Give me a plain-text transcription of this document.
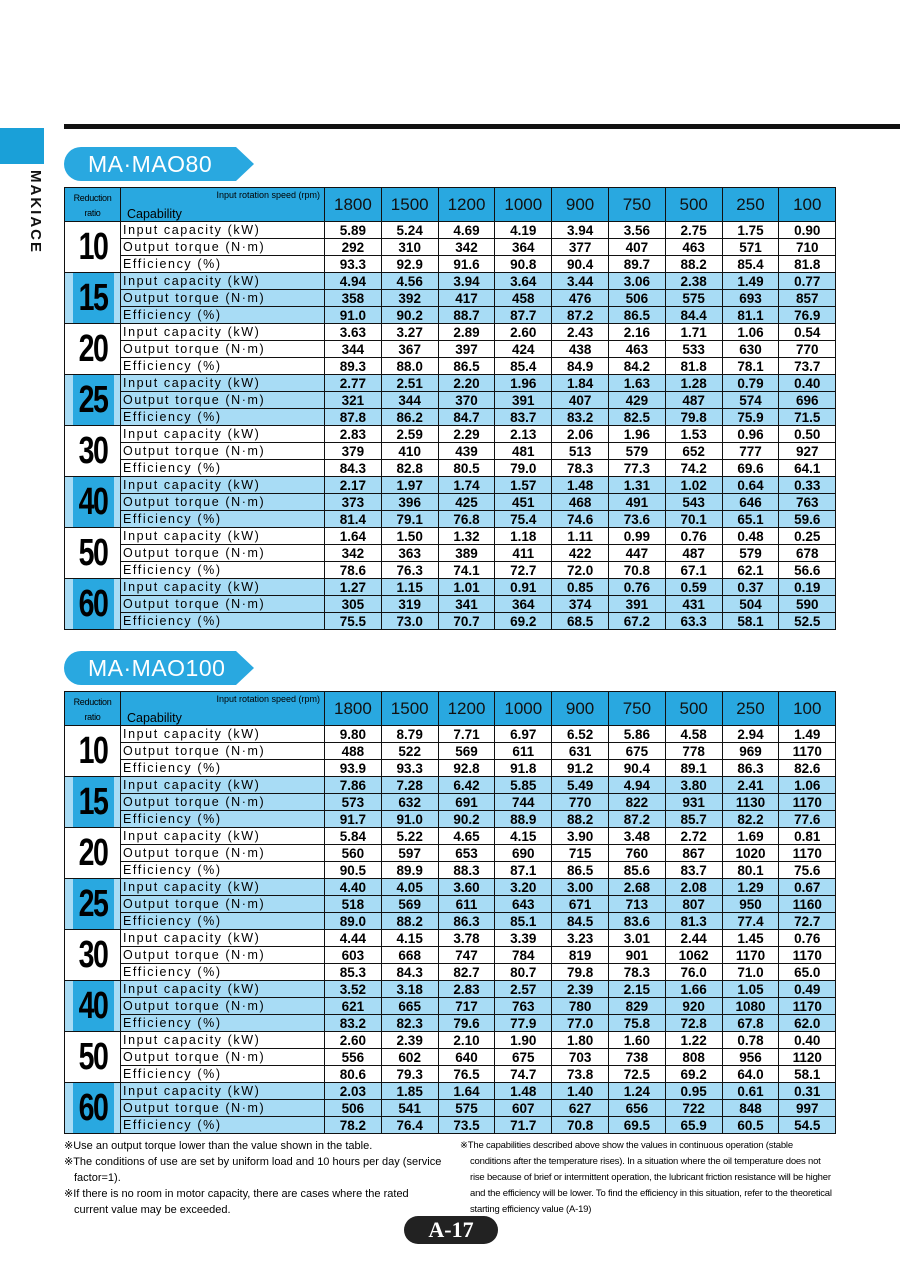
MAKIACE
MA·MAO80
Reduction ratio	Input rotation speed (rpm)
Capability	1800	1500	1200	1000	900	750	500	250	100
10	Input capacity (kW)	5.89	5.24	4.69	4.19	3.94	3.56	2.75	1.75	0.90
	Output torque (N·m)	292	310	342	364	377	407	463	571	710
	Efficiency (%)	93.3	92.9	91.6	90.8	90.4	89.7	88.2	85.4	81.8
15	Input capacity (kW)	4.94	4.56	3.94	3.64	3.44	3.06	2.38	1.49	0.77
	Output torque (N·m)	358	392	417	458	476	506	575	693	857
	Efficiency (%)	91.0	90.2	88.7	87.7	87.2	86.5	84.4	81.1	76.9
20	Input capacity (kW)	3.63	3.27	2.89	2.60	2.43	2.16	1.71	1.06	0.54
	Output torque (N·m)	344	367	397	424	438	463	533	630	770
	Efficiency (%)	89.3	88.0	86.5	85.4	84.9	84.2	81.8	78.1	73.7
25	Input capacity (kW)	2.77	2.51	2.20	1.96	1.84	1.63	1.28	0.79	0.40
	Output torque (N·m)	321	344	370	391	407	429	487	574	696
	Efficiency (%)	87.8	86.2	84.7	83.7	83.2	82.5	79.8	75.9	71.5
30	Input capacity (kW)	2.83	2.59	2.29	2.13	2.06	1.96	1.53	0.96	0.50
	Output torque (N·m)	379	410	439	481	513	579	652	777	927
	Efficiency (%)	84.3	82.8	80.5	79.0	78.3	77.3	74.2	69.6	64.1
40	Input capacity (kW)	2.17	1.97	1.74	1.57	1.48	1.31	1.02	0.64	0.33
	Output torque (N·m)	373	396	425	451	468	491	543	646	763
	Efficiency (%)	81.4	79.1	76.8	75.4	74.6	73.6	70.1	65.1	59.6
50	Input capacity (kW)	1.64	1.50	1.32	1.18	1.11	0.99	0.76	0.48	0.25
	Output torque (N·m)	342	363	389	411	422	447	487	579	678
	Efficiency (%)	78.6	76.3	74.1	72.7	72.0	70.8	67.1	62.1	56.6
60	Input capacity (kW)	1.27	1.15	1.01	0.91	0.85	0.76	0.59	0.37	0.19
	Output torque (N·m)	305	319	341	364	374	391	431	504	590
	Efficiency (%)	75.5	73.0	70.7	69.2	68.5	67.2	63.3	58.1	52.5
MA·MAO100
Reduction ratio	Input rotation speed (rpm)
Capability	1800	1500	1200	1000	900	750	500	250	100
10	Input capacity (kW)	9.80	8.79	7.71	6.97	6.52	5.86	4.58	2.94	1.49
	Output torque (N·m)	488	522	569	611	631	675	778	969	1170
	Efficiency (%)	93.9	93.3	92.8	91.8	91.2	90.4	89.1	86.3	82.6
15	Input capacity (kW)	7.86	7.28	6.42	5.85	5.49	4.94	3.80	2.41	1.06
	Output torque (N·m)	573	632	691	744	770	822	931	1130	1170
	Efficiency (%)	91.7	91.0	90.2	88.9	88.2	87.2	85.7	82.2	77.6
20	Input capacity (kW)	5.84	5.22	4.65	4.15	3.90	3.48	2.72	1.69	0.81
	Output torque (N·m)	560	597	653	690	715	760	867	1020	1170
	Efficiency (%)	90.5	89.9	88.3	87.1	86.5	85.6	83.7	80.1	75.6
25	Input capacity (kW)	4.40	4.05	3.60	3.20	3.00	2.68	2.08	1.29	0.67
	Output torque (N·m)	518	569	611	643	671	713	807	950	1160
	Efficiency (%)	89.0	88.2	86.3	85.1	84.5	83.6	81.3	77.4	72.7
30	Input capacity (kW)	4.44	4.15	3.78	3.39	3.23	3.01	2.44	1.45	0.76
	Output torque (N·m)	603	668	747	784	819	901	1062	1170	1170
	Efficiency (%)	85.3	84.3	82.7	80.7	79.8	78.3	76.0	71.0	65.0
40	Input capacity (kW)	3.52	3.18	2.83	2.57	2.39	2.15	1.66	1.05	0.49
	Output torque (N·m)	621	665	717	763	780	829	920	1080	1170
	Efficiency (%)	83.2	82.3	79.6	77.9	77.0	75.8	72.8	67.8	62.0
50	Input capacity (kW)	2.60	2.39	2.10	1.90	1.80	1.60	1.22	0.78	0.40
	Output torque (N·m)	556	602	640	675	703	738	808	956	1120
	Efficiency (%)	80.6	79.3	76.5	74.7	73.8	72.5	69.2	64.0	58.1
60	Input capacity (kW)	2.03	1.85	1.64	1.48	1.40	1.24	0.95	0.61	0.31
	Output torque (N·m)	506	541	575	607	627	656	722	848	997
	Efficiency (%)	78.2	76.4	73.5	71.7	70.8	69.5	65.9	60.5	54.5

※Use an output torque lower than the value shown in the table.

※The conditions of use are set by uniform load and 10 hours per day (service factor=1).

※If there is no room in motor capacity, there are cases where the rated current value may be exceeded.

※The capabilities described above show the values in continuous operation (stable conditions after the temperature rises). In a situation where the oil temperature does not rise because of brief or intermittent operation, the lubricant friction resistance will be higher and the efficiency will be lower. To find the efficiency in this situation, refer to the theoretical starting efficiency value (A-19)

A-17
